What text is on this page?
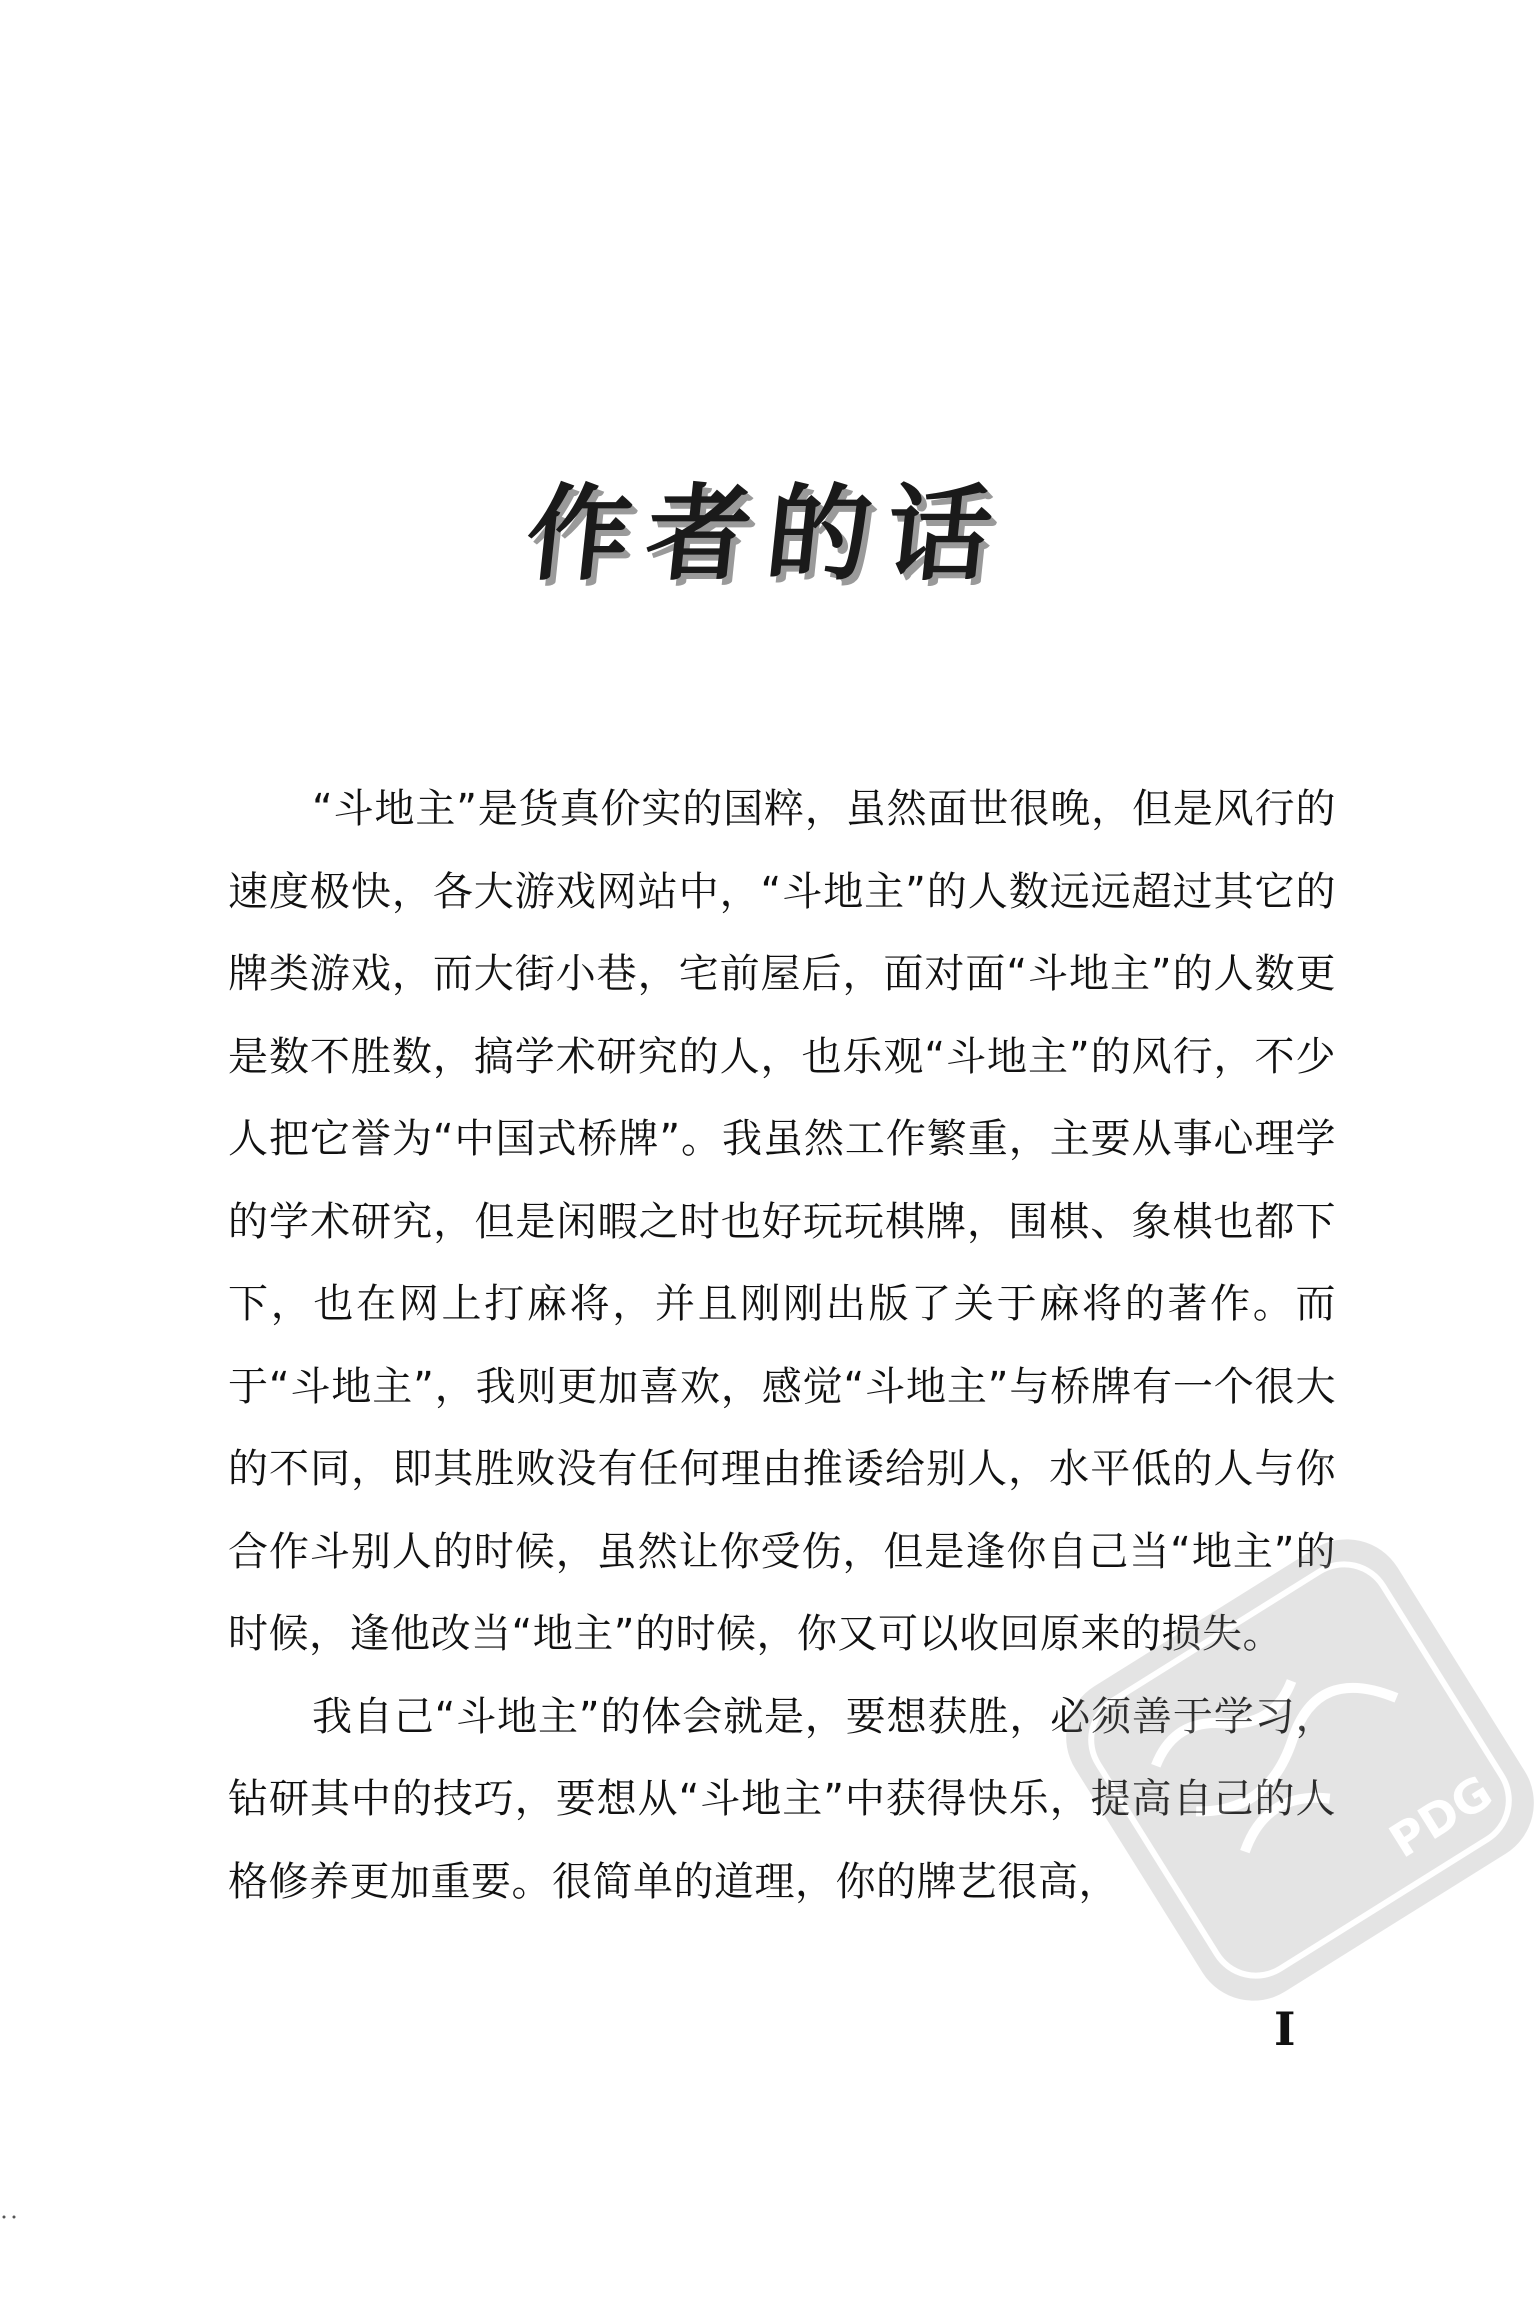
作者的话

“斗地主”是货真价实的国粹，虽然面世很晚，但是风行的速度极快，各大游戏网站中，“斗地主”的人数远远超过其它的牌类游戏，而大街小巷，宅前屋后，面对面“斗地主”的人数更是数不胜数，搞学术研究的人，也乐观“斗地主”的风行，不少人把它誉为“中国式桥牌”。我虽然工作繁重，主要从事心理学的学术研究，但是闲暇之时也好玩玩棋牌，围棋、象棋也都下下，也在网上打麻将，并且刚刚出版了关于麻将的著作。而于“斗地主”，我则更加喜欢，感觉“斗地主”与桥牌有一个很大的不同，即其胜败没有任何理由推诿给别人，水平低的人与你合作斗别人的时候，虽然让你受伤，但是逢你自己当“地主”的时候，逢他改当“地主”的时候，你又可以收回原来的损失。

我自己“斗地主”的体会就是，要想获胜，必须善于学习，钻研其中的技巧，要想从“斗地主”中获得快乐，提高自己的人格修养更加重要。很简单的道理，你的牌艺很高，

PDG
I
